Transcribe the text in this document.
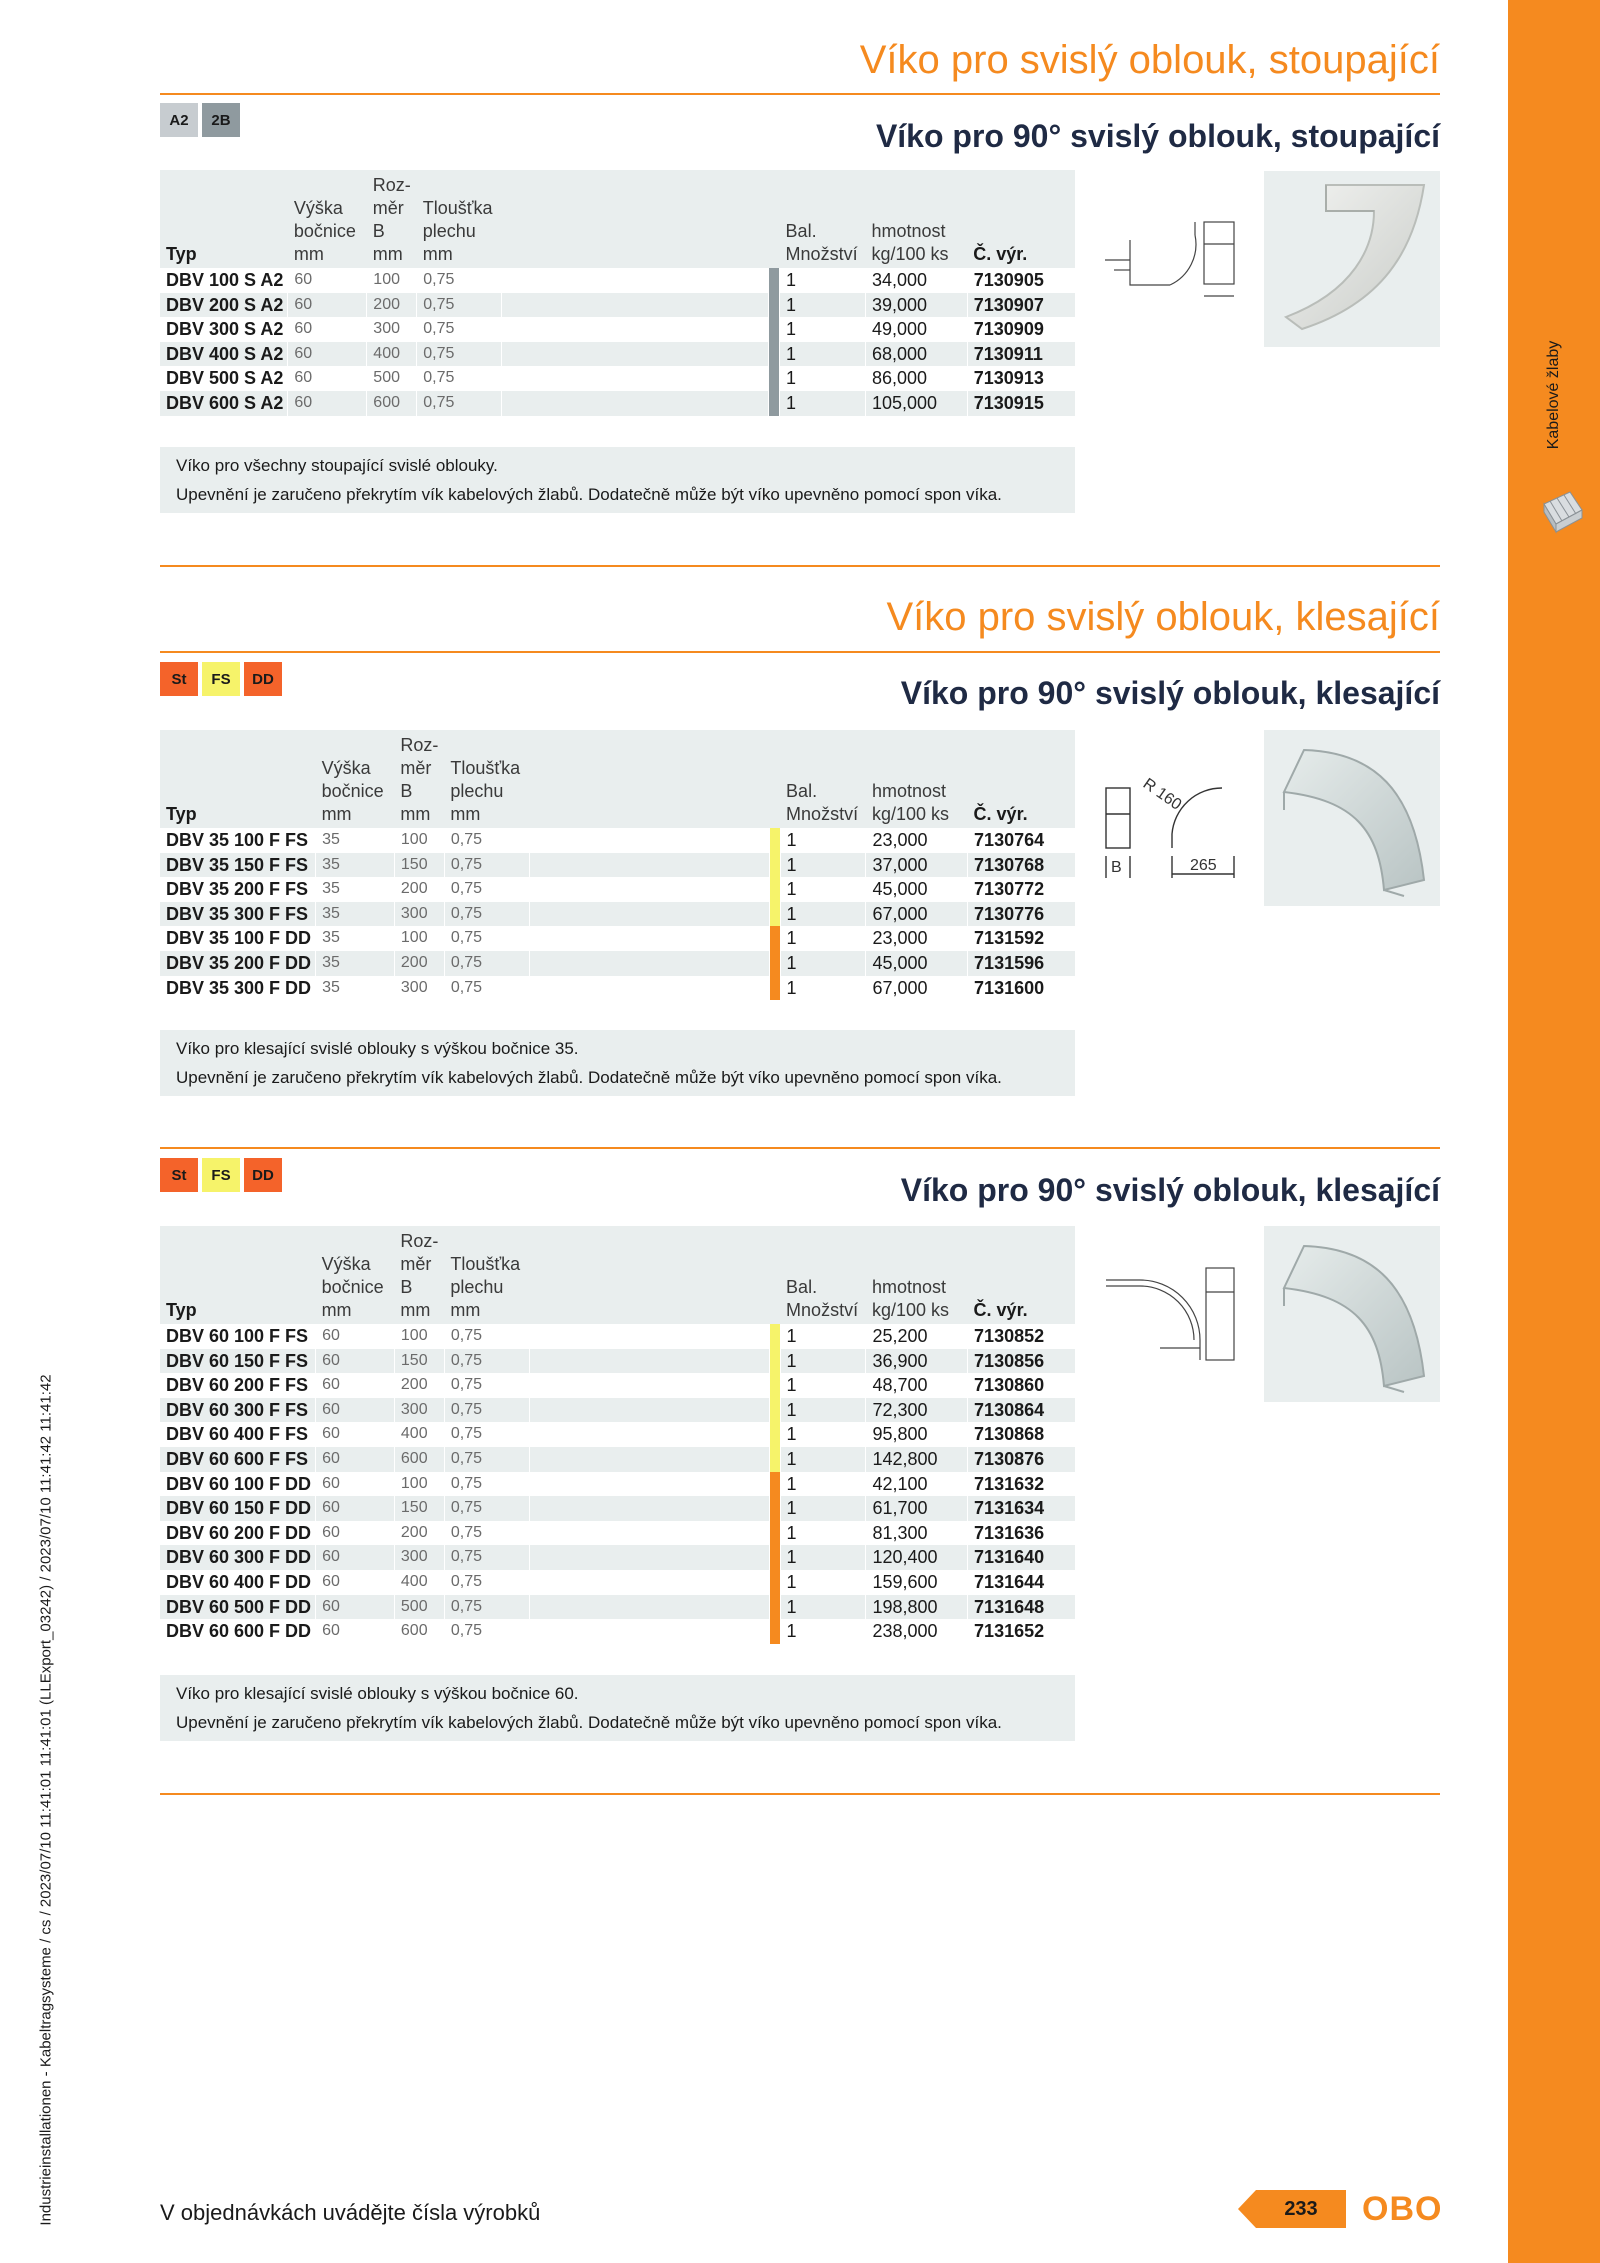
Kabelové žlaby
Industrieinstallationen - Kabeltragsysteme / cs / 2023/07/10 11:41:01 11:41:01 (LLExport_03242) / 2023/07/10 11:41:42 11:41:42
Víko pro svislý oblouk, stoupající
A2	2B	Víko pro 90° svislý oblouk, stoupající
Typ	Výška bočnice mm	Roz-měr B mm	Tloušťka plechu mm			Bal. Množství	hmotnost kg/100 ks	Č. výr.
DBV 100 S A2	60	100	0,75			1	34,000	7130905
DBV 200 S A2	60	200	0,75			1	39,000	7130907
DBV 300 S A2	60	300	0,75			1	49,000	7130909
DBV 400 S A2	60	400	0,75			1	68,000	7130911
DBV 500 S A2	60	500	0,75			1	86,000	7130913
DBV 600 S A2	60	600	0,75			1	105,000	7130915
Víko pro všechny stoupající svislé oblouky.
Upevnění je zaručeno překrytím vík kabelových žlabů. Dodatečně může být víko upevněno pomocí spon víka.
Víko pro svislý oblouk, klesající
St	FS	DD	Víko pro 90° svislý oblouk, klesající
Typ	Výška bočnice mm	Roz-měr B mm	Tloušťka plechu mm			Bal. Množství	hmotnost kg/100 ks	Č. výr.
DBV 35 100 F FS	35	100	0,75			1	23,000	7130764
DBV 35 150 F FS	35	150	0,75			1	37,000	7130768
DBV 35 200 F FS	35	200	0,75			1	45,000	7130772
DBV 35 300 F FS	35	300	0,75			1	67,000	7130776
DBV 35 100 F DD	35	100	0,75			1	23,000	7131592
DBV 35 200 F DD	35	200	0,75			1	45,000	7131596
DBV 35 300 F DD	35	300	0,75			1	67,000	7131600
R 160
B	265
Víko pro klesající svislé oblouky s výškou bočnice 35.
Upevnění je zaručeno překrytím vík kabelových žlabů. Dodatečně může být víko upevněno pomocí spon víka.
St	FS	DD	Víko pro 90° svislý oblouk, klesající
Typ	Výška bočnice mm	Roz-měr B mm	Tloušťka plechu mm			Bal. Množství	hmotnost kg/100 ks	Č. výr.
DBV 60 100 F FS	60	100	0,75			1	25,200	7130852
DBV 60 150 F FS	60	150	0,75			1	36,900	7130856
DBV 60 200 F FS	60	200	0,75			1	48,700	7130860
DBV 60 300 F FS	60	300	0,75			1	72,300	7130864
DBV 60 400 F FS	60	400	0,75			1	95,800	7130868
DBV 60 600 F FS	60	600	0,75			1	142,800	7130876
DBV 60 100 F DD	60	100	0,75			1	42,100	7131632
DBV 60 150 F DD	60	150	0,75			1	61,700	7131634
DBV 60 200 F DD	60	200	0,75			1	81,300	7131636
DBV 60 300 F DD	60	300	0,75			1	120,400	7131640
DBV 60 400 F DD	60	400	0,75			1	159,600	7131644
DBV 60 500 F DD	60	500	0,75			1	198,800	7131648
DBV 60 600 F DD	60	600	0,75			1	238,000	7131652
Víko pro klesající svislé oblouky s výškou bočnice 60.
Upevnění je zaručeno překrytím vík kabelových žlabů. Dodatečně může být víko upevněno pomocí spon víka.
V objednávkách uvádějte čísla výrobků	233	OBO
